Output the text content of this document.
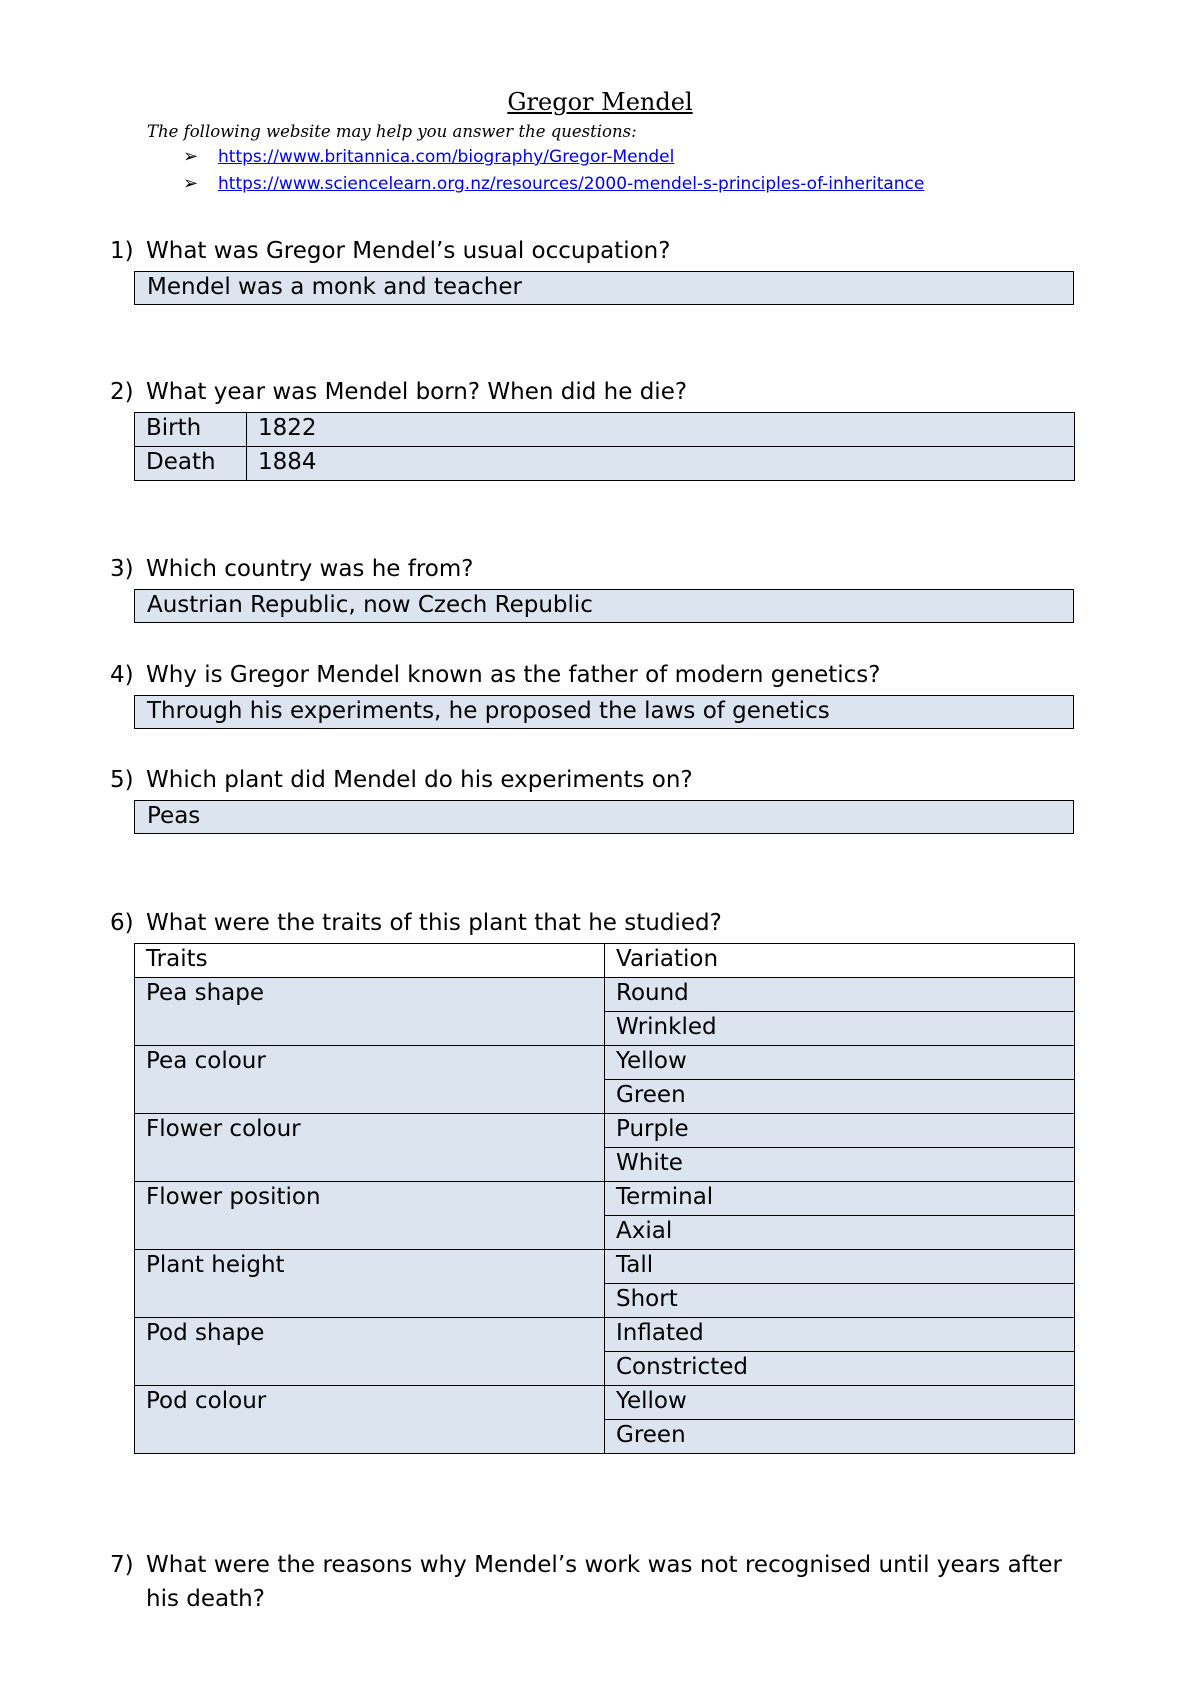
Gregor Mendel
The following website may help you answer the questions:
➢ https://www.britannica.com/biography/Gregor-Mendel
➢ https://www.sciencelearn.org.nz/resources/2000-mendel-s-principles-of-inheritance
1) What was Gregor Mendel’s usual occupation?
Mendel was a monk and teacher
2) What year was Mendel born? When did he die?
Birth	1822
Death	1884
3) Which country was he from?
Austrian Republic, now Czech Republic
4) Why is Gregor Mendel known as the father of modern genetics?
Through his experiments, he proposed the laws of genetics
5) Which plant did Mendel do his experiments on?
Peas
6) What were the traits of this plant that he studied?
Traits	Variation
Pea shape	Round
	Wrinkled
Pea colour	Yellow
	Green
Flower colour	Purple
	White
Flower position	Terminal
	Axial
Plant height	Tall
	Short
Pod shape	Inflated
	Constricted
Pod colour	Yellow
	Green
7) What were the reasons why Mendel’s work was not recognised until years after his death?
